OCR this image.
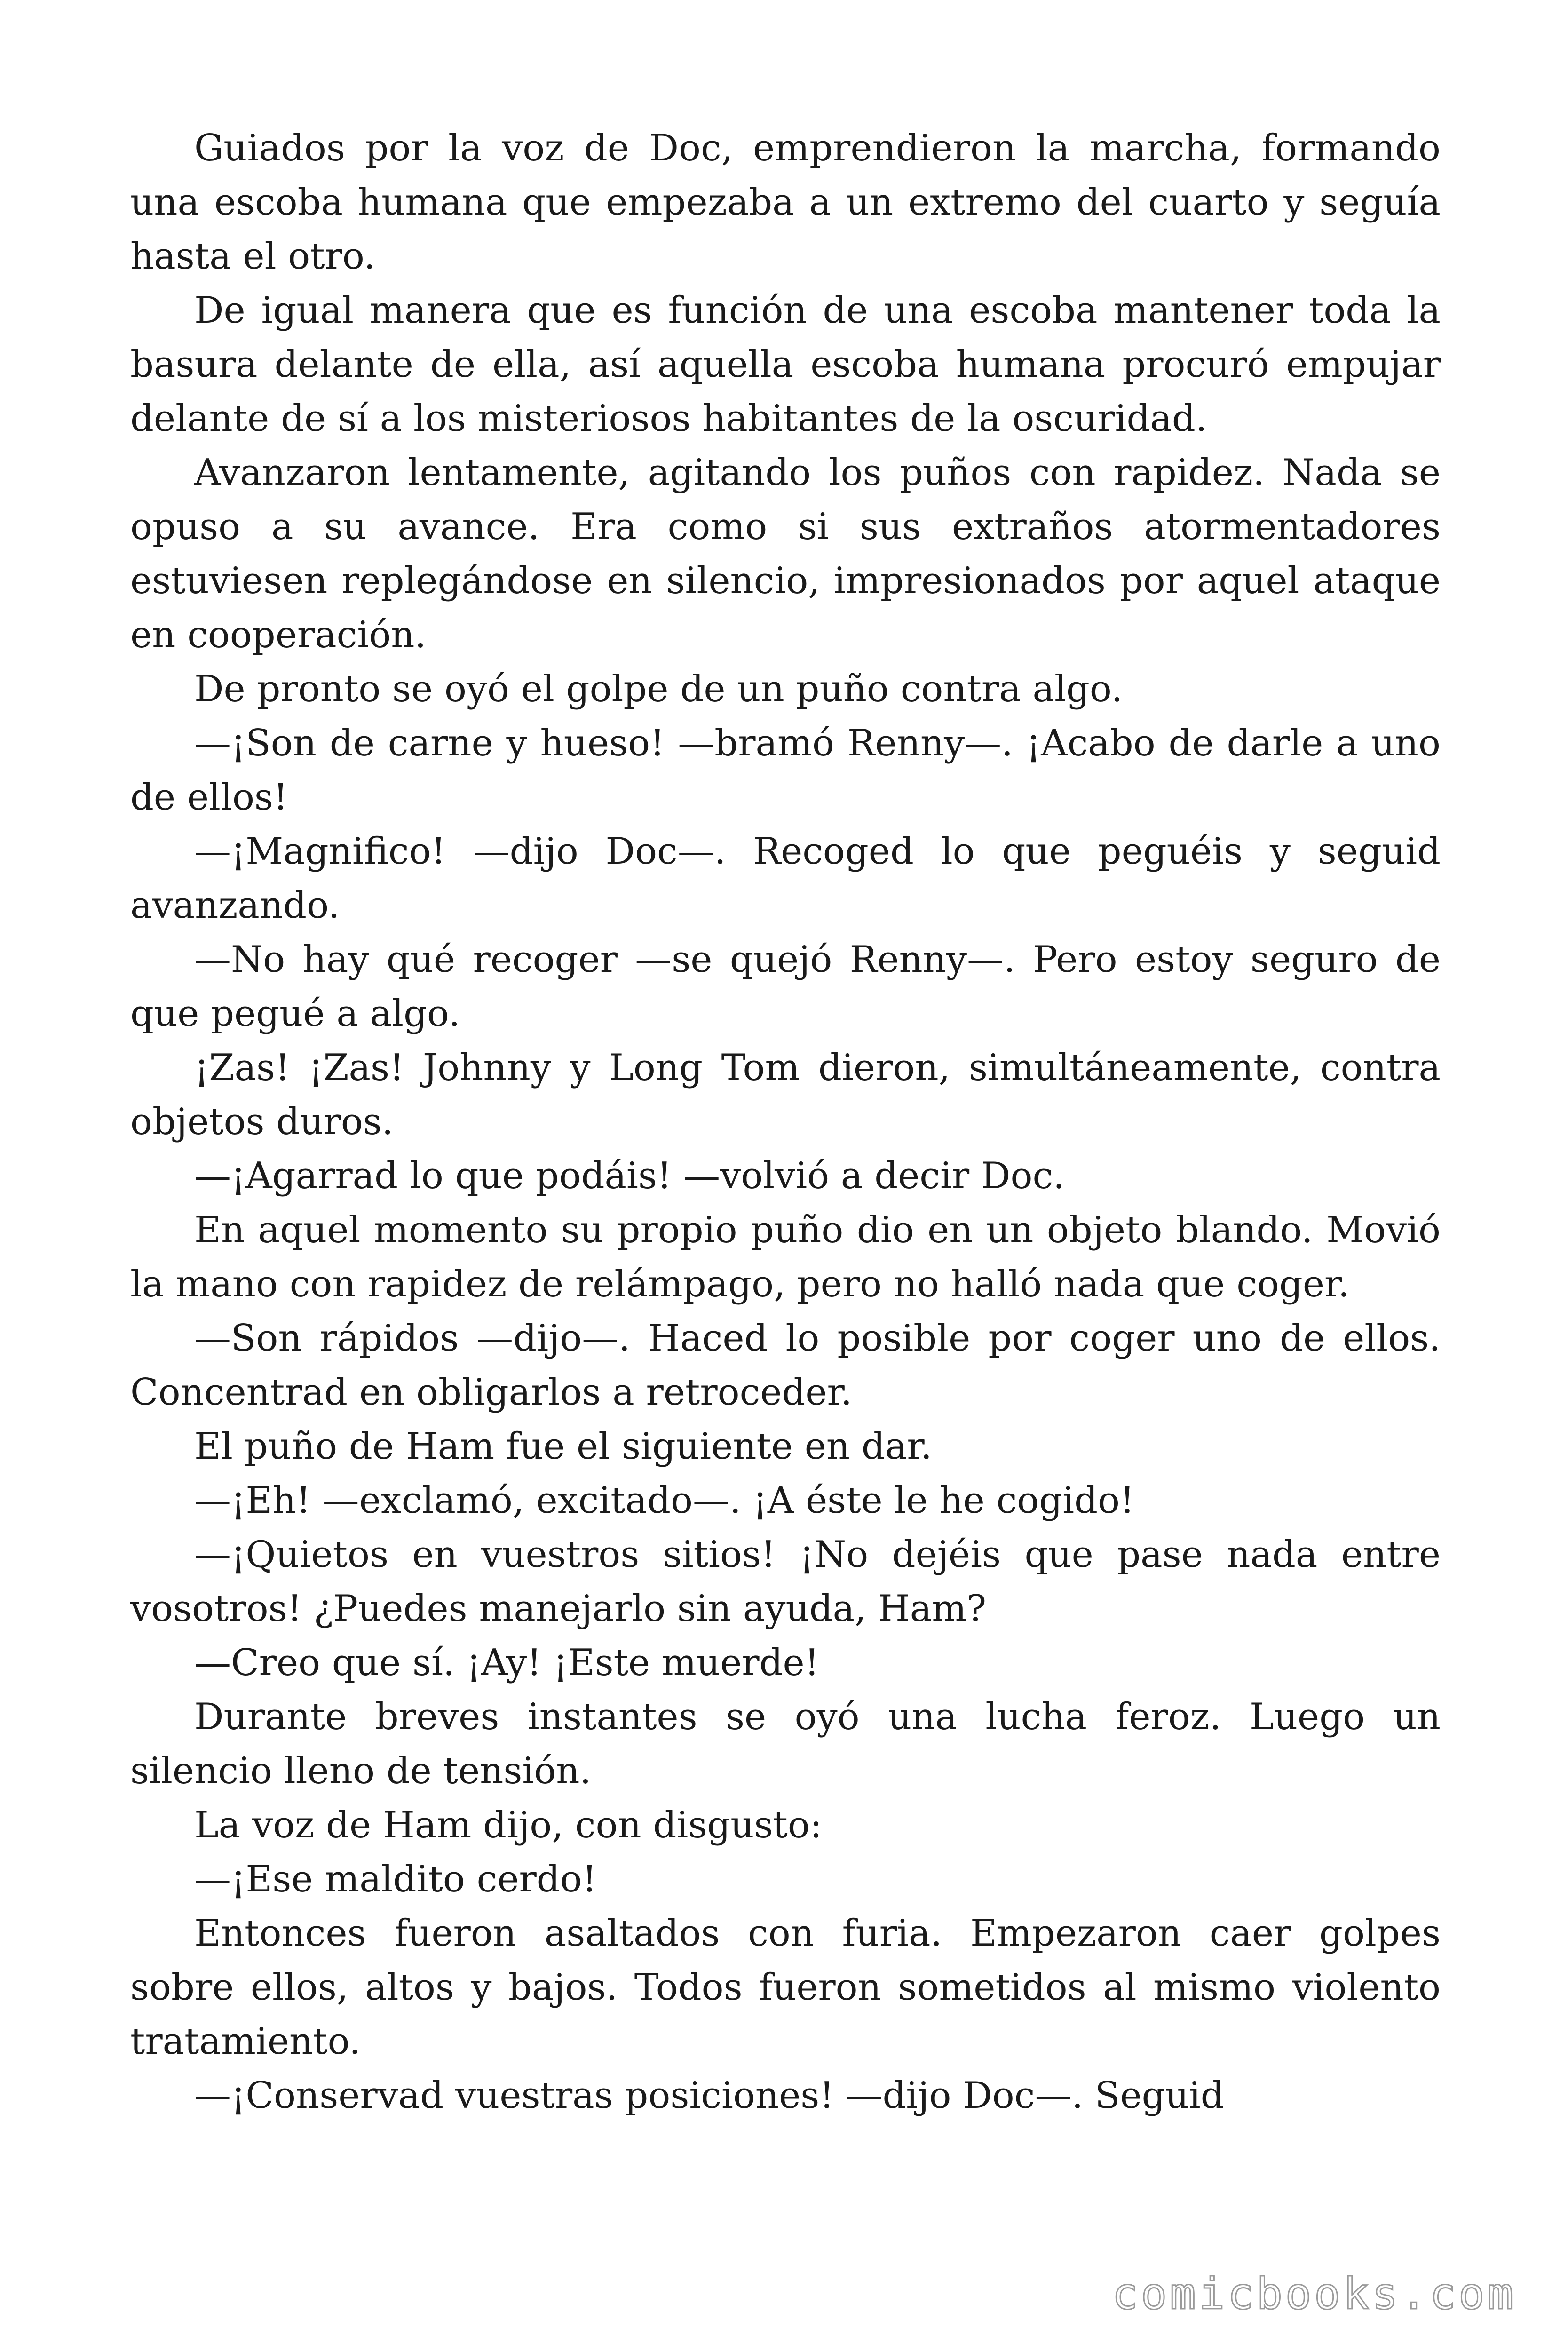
Guiados por la voz de Doc, emprendieron la marcha, formando una escoba humana que empezaba a un extremo del cuarto y seguía hasta el otro.

De igual manera que es función de una escoba mantener toda la basura delante de ella, así aquella escoba humana procuró empujar delante de sí a los misteriosos habitantes de la oscuridad.

Avanzaron lentamente, agitando los puños con rapidez. Nada se opuso a su avance. Era como si sus extraños atormentadores estuviesen replegándose en silencio, impresionados por aquel ataque en cooperación.

De pronto se oyó el golpe de un puño contra algo.

—¡Son de carne y hueso! —bramó Renny—. ¡Acabo de darle a uno de ellos!

—¡Magnifico! —dijo Doc—. Recoged lo que peguéis y seguid avanzando.

—No hay qué recoger —se quejó Renny—. Pero estoy seguro de que pegué a algo.

¡Zas! ¡Zas! Johnny y Long Tom dieron, simultáneamente, contra objetos duros.

—¡Agarrad lo que podáis! —volvió a decir Doc.

En aquel momento su propio puño dio en un objeto blando. Movió la mano con rapidez de relámpago, pero no halló nada que coger.

—Son rápidos —dijo—. Haced lo posible por coger uno de ellos. Concentrad en obligarlos a retroceder.

El puño de Ham fue el siguiente en dar.

—¡Eh! —exclamó, excitado—. ¡A éste le he cogido!

—¡Quietos en vuestros sitios! ¡No dejéis que pase nada entre vosotros! ¿Puedes manejarlo sin ayuda, Ham?

—Creo que sí. ¡Ay! ¡Este muerde!

Durante breves instantes se oyó una lucha feroz. Luego un silencio lleno de tensión.

La voz de Ham dijo, con disgusto:

—¡Ese maldito cerdo!

Entonces fueron asaltados con furia. Empezaron caer golpes sobre ellos, altos y bajos. Todos fueron sometidos al mismo violento tratamiento.

—¡Conservad vuestras posiciones! —dijo Doc—. Seguid

comicbooks.com
